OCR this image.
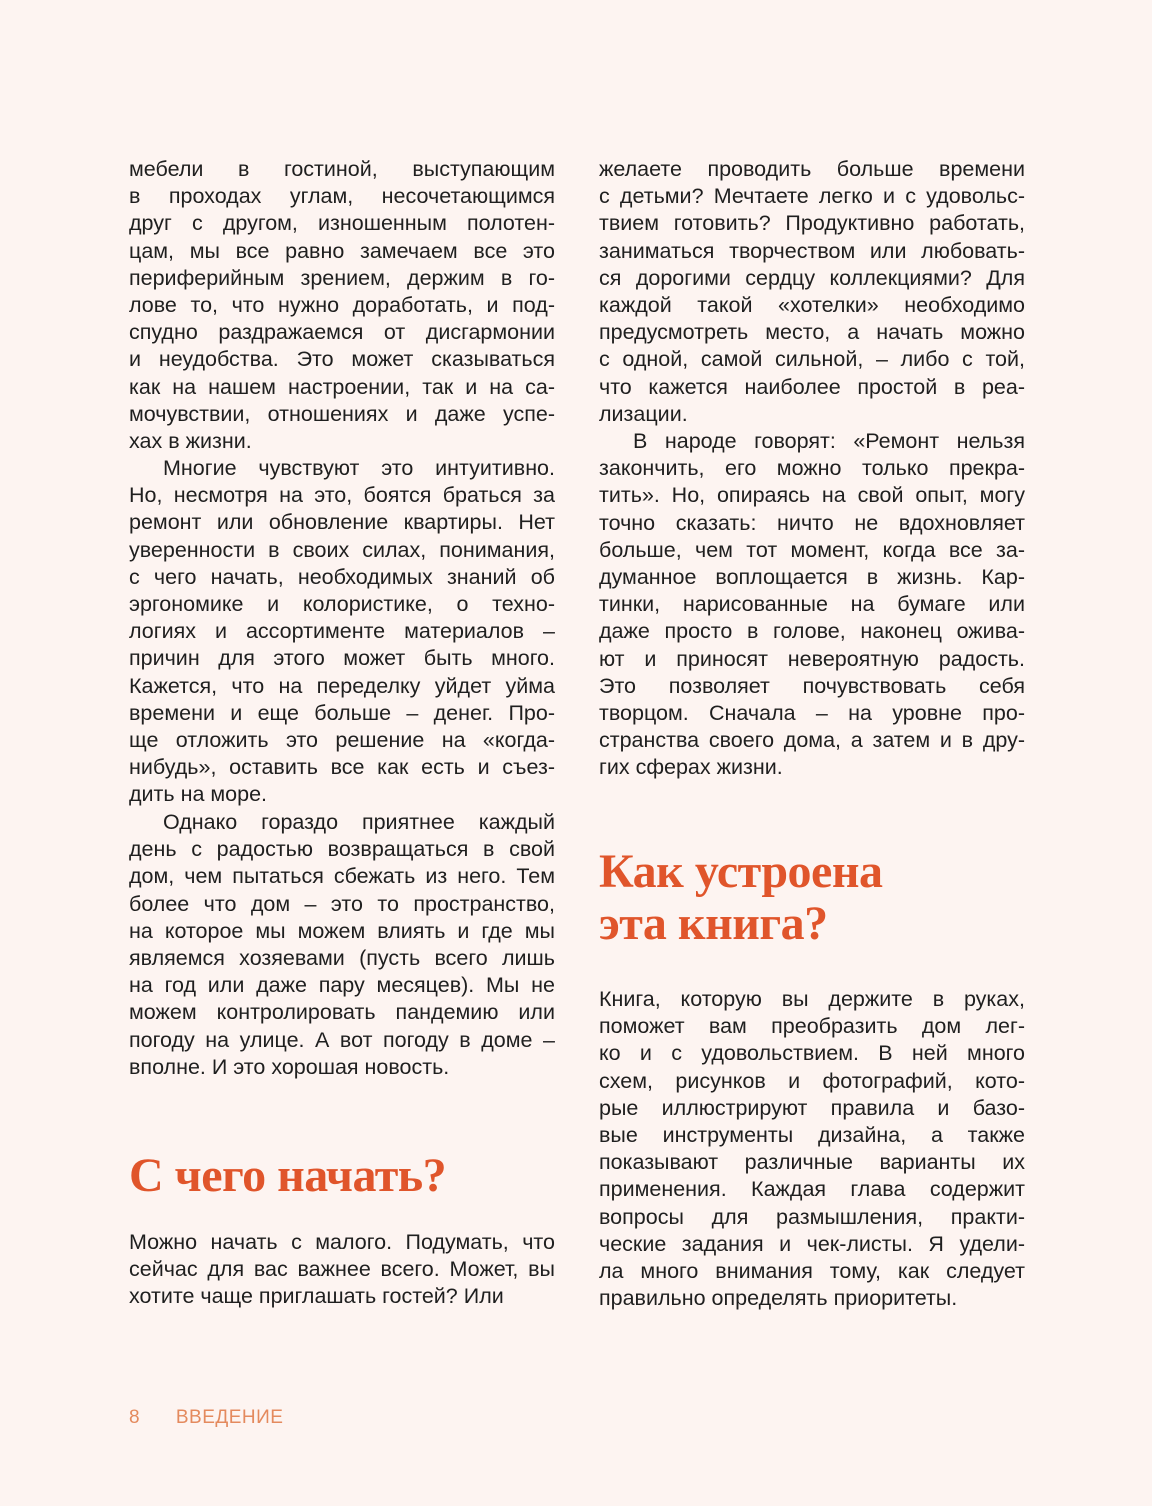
мебели в гостиной, выступающим
в проходах углам, несочетающимся
друг с другом, изношенным полотен-
цам, мы все равно замечаем все это
периферийным зрением, держим в го-
лове то, что нужно доработать, и под-
спудно раздражаемся от дисгармонии
и неудобства. Это может сказываться
как на нашем настроении, так и на са-
мочувствии, отношениях и даже успе-
хах в жизни.
Многие чувствуют это интуитивно.
Но, несмотря на это, боятся браться за
ремонт или обновление квартиры. Нет
уверенности в своих силах, понимания,
с чего начать, необходимых знаний об
эргономике и колористике, о техно-
логиях и ассортименте материалов –
причин для этого может быть много.
Кажется, что на переделку уйдет уйма
времени и еще больше – денег. Про-
ще отложить это решение на «когда-
нибудь», оставить все как есть и съез-
дить на море.
Однако гораздо приятнее каждый
день с радостью возвращаться в свой
дом, чем пытаться сбежать из него. Тем
более что дом – это то пространство,
на которое мы можем влиять и где мы
являемся хозяевами (пусть всего лишь
на год или даже пару месяцев). Мы не
можем контролировать пандемию или
погоду на улице. А вот погоду в доме –
вполне. И это хорошая новость.
С чего начать?
Можно начать с малого. Подумать, что
сейчас для вас важнее всего. Может, вы
хотите чаще приглашать гостей? Или
желаете проводить больше времени
с детьми? Мечтаете легко и с удовольс-
твием готовить? Продуктивно работать,
заниматься творчеством или любовать-
ся дорогими сердцу коллекциями? Для
каждой такой «хотелки» необходимо
предусмотреть место, а начать можно
с одной, самой сильной, – либо с той,
что кажется наиболее простой в реа-
лизации.
В народе говорят: «Ремонт нельзя
закончить, его можно только прекра-
тить». Но, опираясь на свой опыт, могу
точно сказать: ничто не вдохновляет
больше, чем тот момент, когда все за-
думанное воплощается в жизнь. Кар-
тинки, нарисованные на бумаге или
даже просто в голове, наконец ожива-
ют и приносят невероятную радость.
Это позволяет почувствовать себя
творцом. Сначала – на уровне про-
странства своего дома, а затем и в дру-
гих сферах жизни.
Как устроена
эта книга?
Книга, которую вы держите в руках,
поможет вам преобразить дом лег-
ко и с удовольствием. В ней много
схем, рисунков и фотографий, кото-
рые иллюстрируют правила и базо-
вые инструменты дизайна, а также
показывают различные варианты их
применения. Каждая глава содержит
вопросы для размышления, практи-
ческие задания и чек-листы. Я удели-
ла много внимания тому, как следует
правильно определять приоритеты.
8 ВВЕДЕНИЕ
